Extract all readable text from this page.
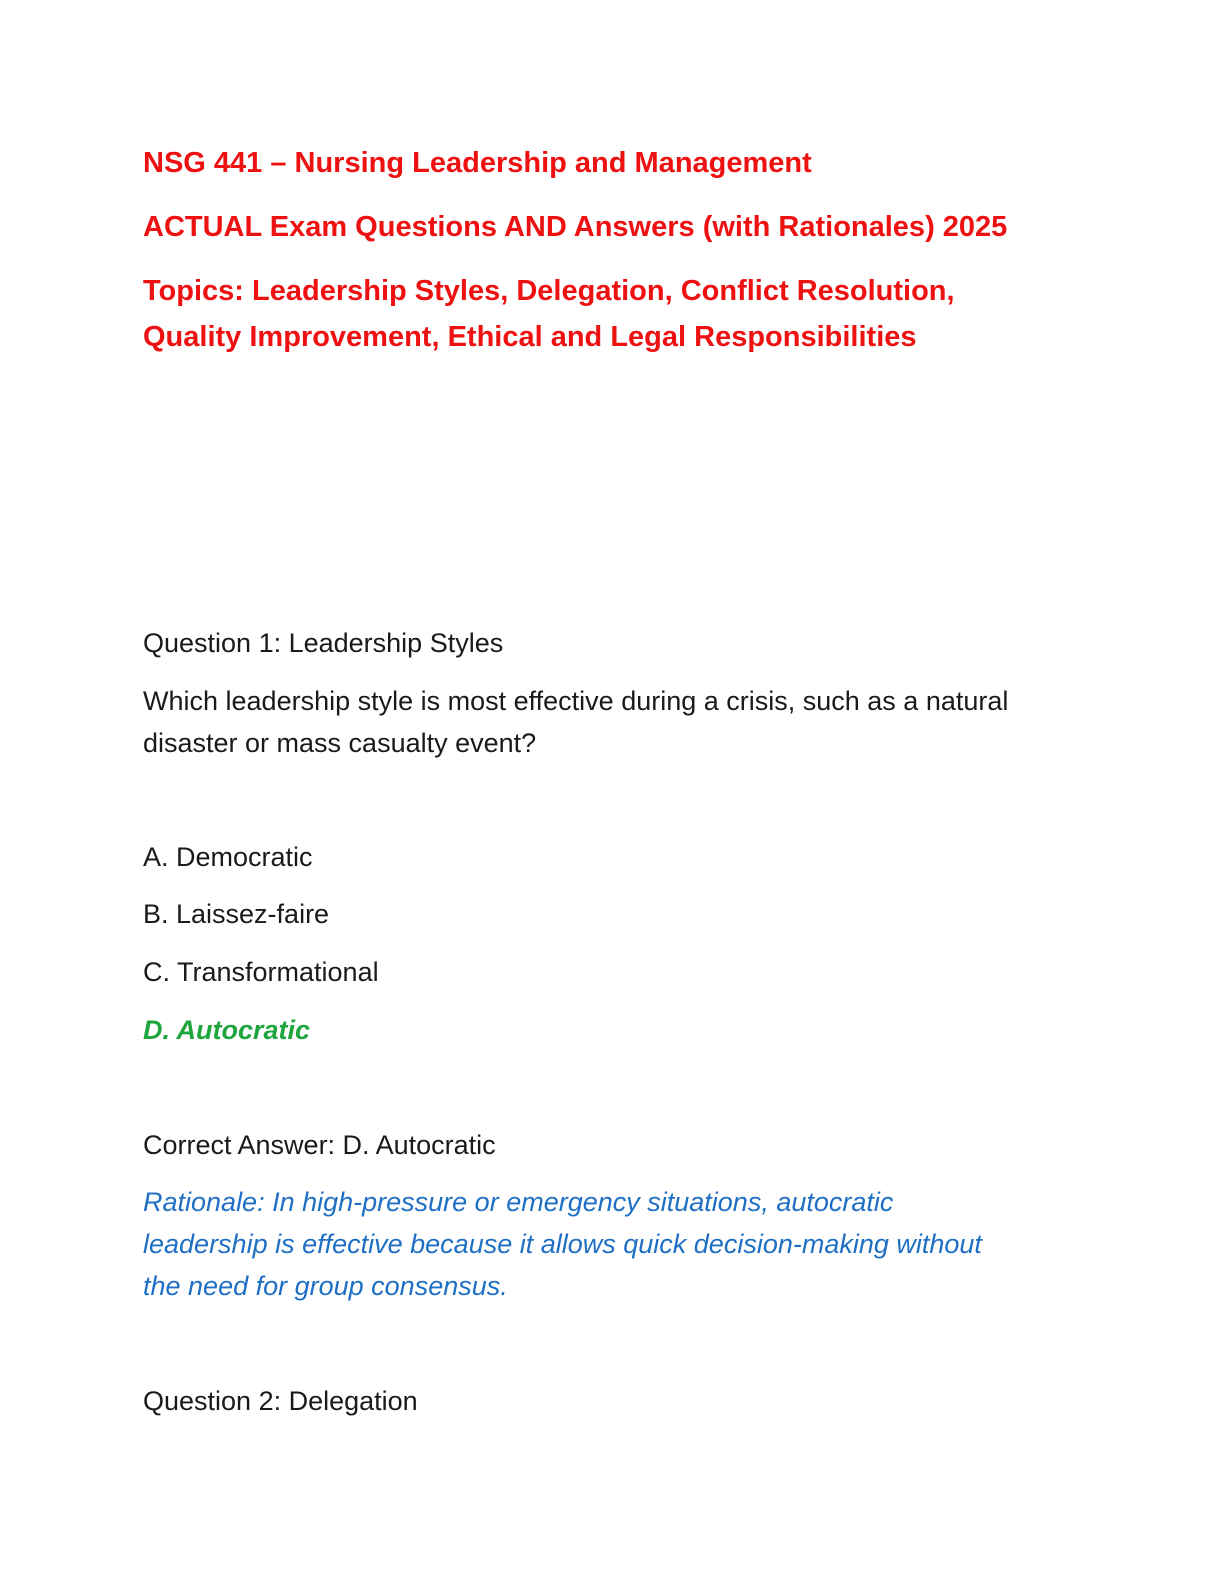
NSG 441 – Nursing Leadership and Management
ACTUAL Exam Questions AND Answers (with Rationales) 2025
Topics: Leadership Styles, Delegation, Conflict Resolution,
Quality Improvement, Ethical and Legal Responsibilities
Question 1: Leadership Styles
Which leadership style is most effective during a crisis, such as a natural
disaster or mass casualty event?
A. Democratic
B. Laissez-faire
C. Transformational
D. Autocratic
Correct Answer: D. Autocratic
Rationale: In high-pressure or emergency situations, autocratic
leadership is effective because it allows quick decision-making without
the need for group consensus.
Question 2: Delegation
